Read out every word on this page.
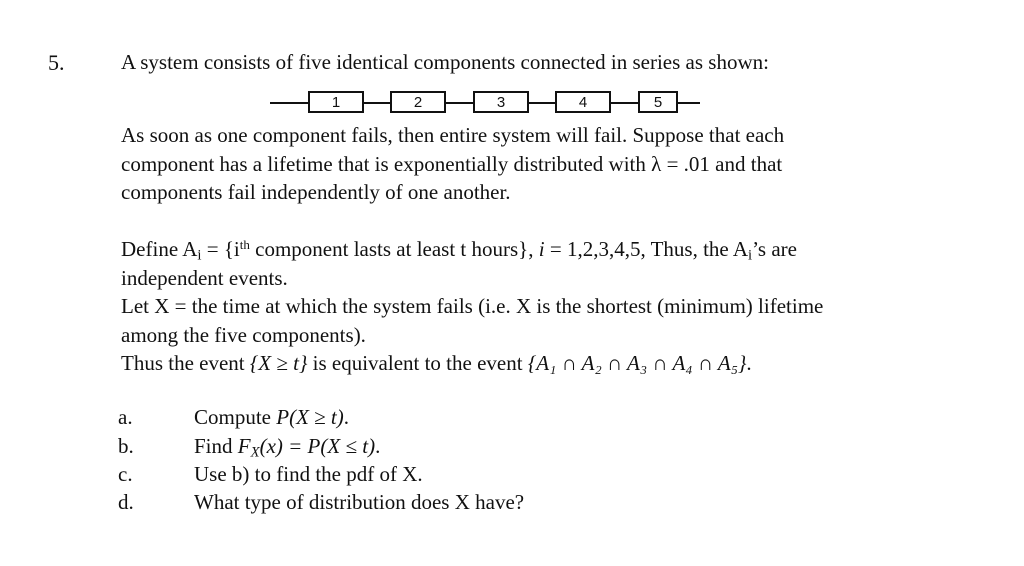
5.	A system consists of five identical components connected in series as shown:
1	2	3	4	5
As soon as one component fails, then entire system will fail. Suppose that each
component has a lifetime that is exponentially distributed with λ = .01 and that
components fail independently of one another.
Define $A_i = \{i^{th}$ component lasts at least t hours}, i = 1,2,3,4,5, Thus, the $A_i’s$ are
independent events.
Let X = the time at which the system fails (i.e. X is the shortest (minimum) lifetime
among the five components).
Thus the event {X ≥ t} is equivalent to the event {A₁ ∩ A₂ ∩ A₃ ∩ A₄ ∩ A₅}.
a.	Compute P(X ≥ t).
b.	Find $F_X(x) = P(X \le t)$.
c.	Use b) to find the pdf of X.
d.	What type of distribution does X have?
